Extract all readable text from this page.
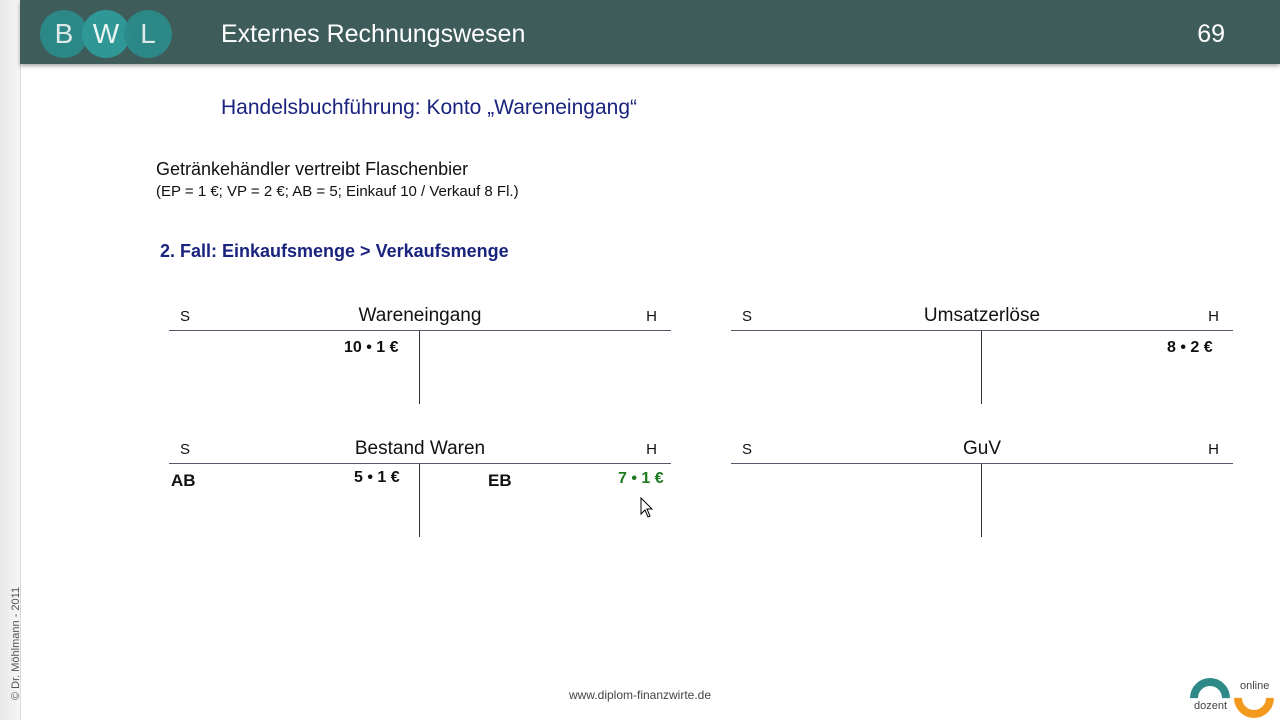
© Dr. Möhlmann - 2011
B W L	Externes Rechnungswesen	69
Handelsbuchführung: Konto „Wareneingang“
Getränkehändler vertreibt Flaschenbier
(EP = 1 €; VP = 2 €; AB = 5; Einkauf 10 / Verkauf 8 Fl.)
2. Fall: Einkaufsmenge > Verkaufsmenge
S	Wareneingang	H
10 • 1 €
S	Umsatzerlöse	H
8 • 2 €
S	Bestand Waren	H
AB	5 • 1 €	EB	7 • 1 €
S	GuV	H
www.diplom-finanzwirte.de
online
dozent
